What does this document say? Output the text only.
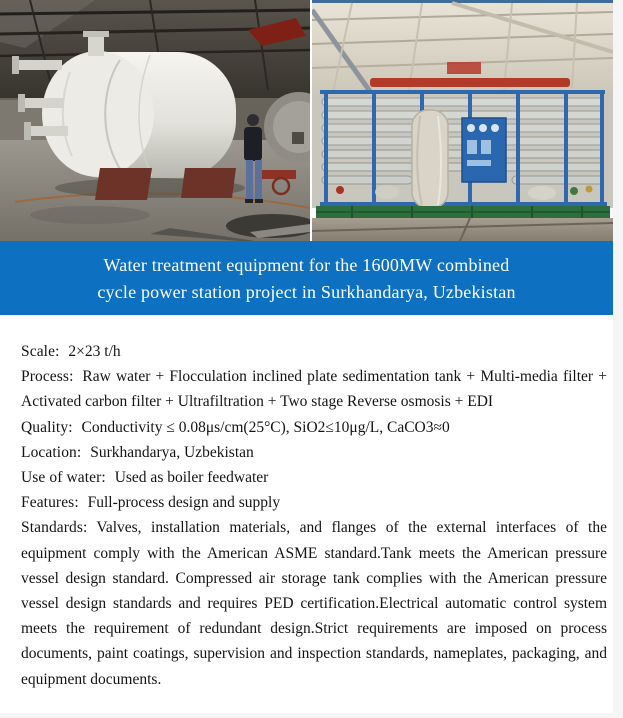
Water treatment equipment for the 1600MW combined
cycle power station project in Surkhandarya, Uzbekistan

Scale: 2×23 t/h

Process: Raw water + Flocculation inclined plate sedimentation tank + Multi-media filter + Activated carbon filter + Ultrafiltration + Two stage Reverse osmosis + EDI

Quality: Conductivity ≤ 0.08μs/cm(25°C), SiO2≤10μg/L, CaCO3≈0

Location: Surkhandarya, Uzbekistan

Use of water: Used as boiler feedwater

Features: Full-process design and supply

Standards: Valves, installation materials, and flanges of the external interfaces of the equipment comply with the American ASME standard.Tank meets the American pressure vessel design standard. Compressed air storage tank complies with the American pressure vessel design standards and requires PED certification.Electrical automatic control system meets the requirement of redundant design.Strict requirements are imposed on process documents, paint coatings, supervision and inspection standards, nameplates, packaging, and equipment documents.
